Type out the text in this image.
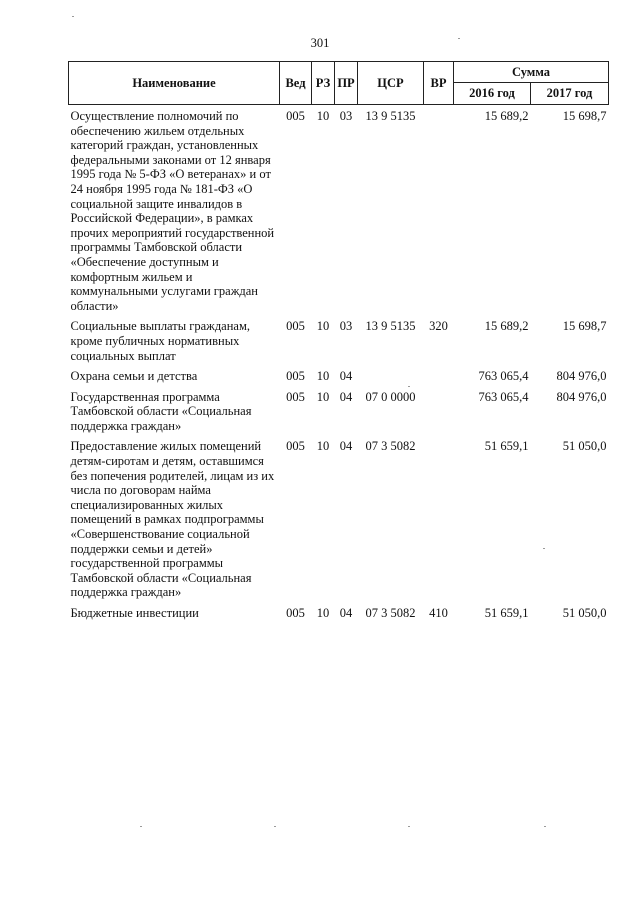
301
Наименование	Вед	РЗ	ПР	ЦСР	ВР	Сумма	
						2016 год	2017 год
Осуществление полномочий по обеспечению жильем отдельных категорий граждан, установленных федеральными законами от 12 января 1995 года № 5-ФЗ «О ветеранах» и от 24 ноября 1995 года № 181-ФЗ «О социальной защите инвалидов в Российской Федерации», в рамках прочих мероприятий государственной программы Тамбовской области «Обеспечение доступным и комфортным жильем и коммунальными услугами граждан области»	005	10	03	13 9 5135		15 689,2	15 698,7
Социальные выплаты гражданам, кроме публичных нормативных социальных выплат	005	10	03	13 9 5135	320	15 689,2	15 698,7
Охрана семьи и детства	005	10	04			763 065,4	804 976,0
Государственная программа Тамбовской области «Социальная поддержка граждан»	005	10	04	07 0 0000		763 065,4	804 976,0
Предоставление жилых помещений детям-сиротам и детям, оставшимся без попечения родителей, лицам из их числа по договорам найма специализированных жилых помещений в рамках подпрограммы «Совершенствование социальной поддержки семьи и детей» государственной программы Тамбовской области «Социальная поддержка граждан»	005	10	04	07 3 5082		51 659,1	51 050,0
Бюджетные инвестиции	005	10	04	07 3 5082	410	51 659,1	51 050,0
